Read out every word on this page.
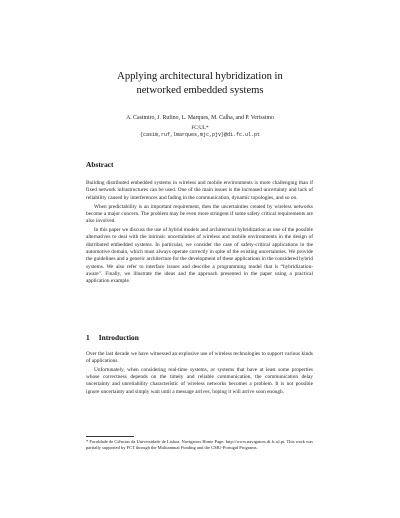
Applying architectural hybridization in
networked embedded systems
A. Casimiro, J. Rufino, L. Marques, M. Calha, and P. Verissimo
FC/UL*
{casim,ruf,lmarques,mjc,pjv}@di.fc.ul.pt
Abstract

Building distributed embedded systems in wireless and mobile environments is more challenging than if fixed network infrastructures can be used. One of the main issues is the increased uncertainty and lack of reliability caused by interferences and fading in the communication, dynamic topologies, and so on.

When predictability is an important requirement, then the uncertainties created by wireless networks become a major concern. The problem may be even more stringent if some safety critical requirements are also involved.

In this paper we discuss the use of hybrid models and architectural hybridization as one of the possible alternatives to deal with the intrinsic uncertainties of wireless and mobile environments in the design of distributed embedded systems. In particular, we consider the case of safety-critical applications in the automotive domain, which must always operate correctly in spite of the existing uncertainties. We provide the guidelines and a generic architecture for the development of these applications in the considered hybrid systems. We also refer to interface issues and describe a programming model that is “hybridization-aware”. Finally, we illustrate the ideas and the approach presented in the paper using a practical application example.

1 Introduction

Over the last decade we have witnessed an explosive use of wireless technologies to support various kinds of applications.

Unfortunately, when considering real-time systems, or systems that have at least some properties whose correctness depends on the timely and reliable communication, the communication delay uncertainty and unreliability characteristic of wireless networks becomes a problem. It is not possible ignore uncertainty and simply wait until a message arrives, hoping it will arrive soon enough.

* Faculdade de Ciências da Universidade de Lisboa. Navigators Home Page: http://www.navigators.di.fc.ul.pt. This work was partially supported by FCT through the Multiannual Funding and the CMU-Portugal Programs.
